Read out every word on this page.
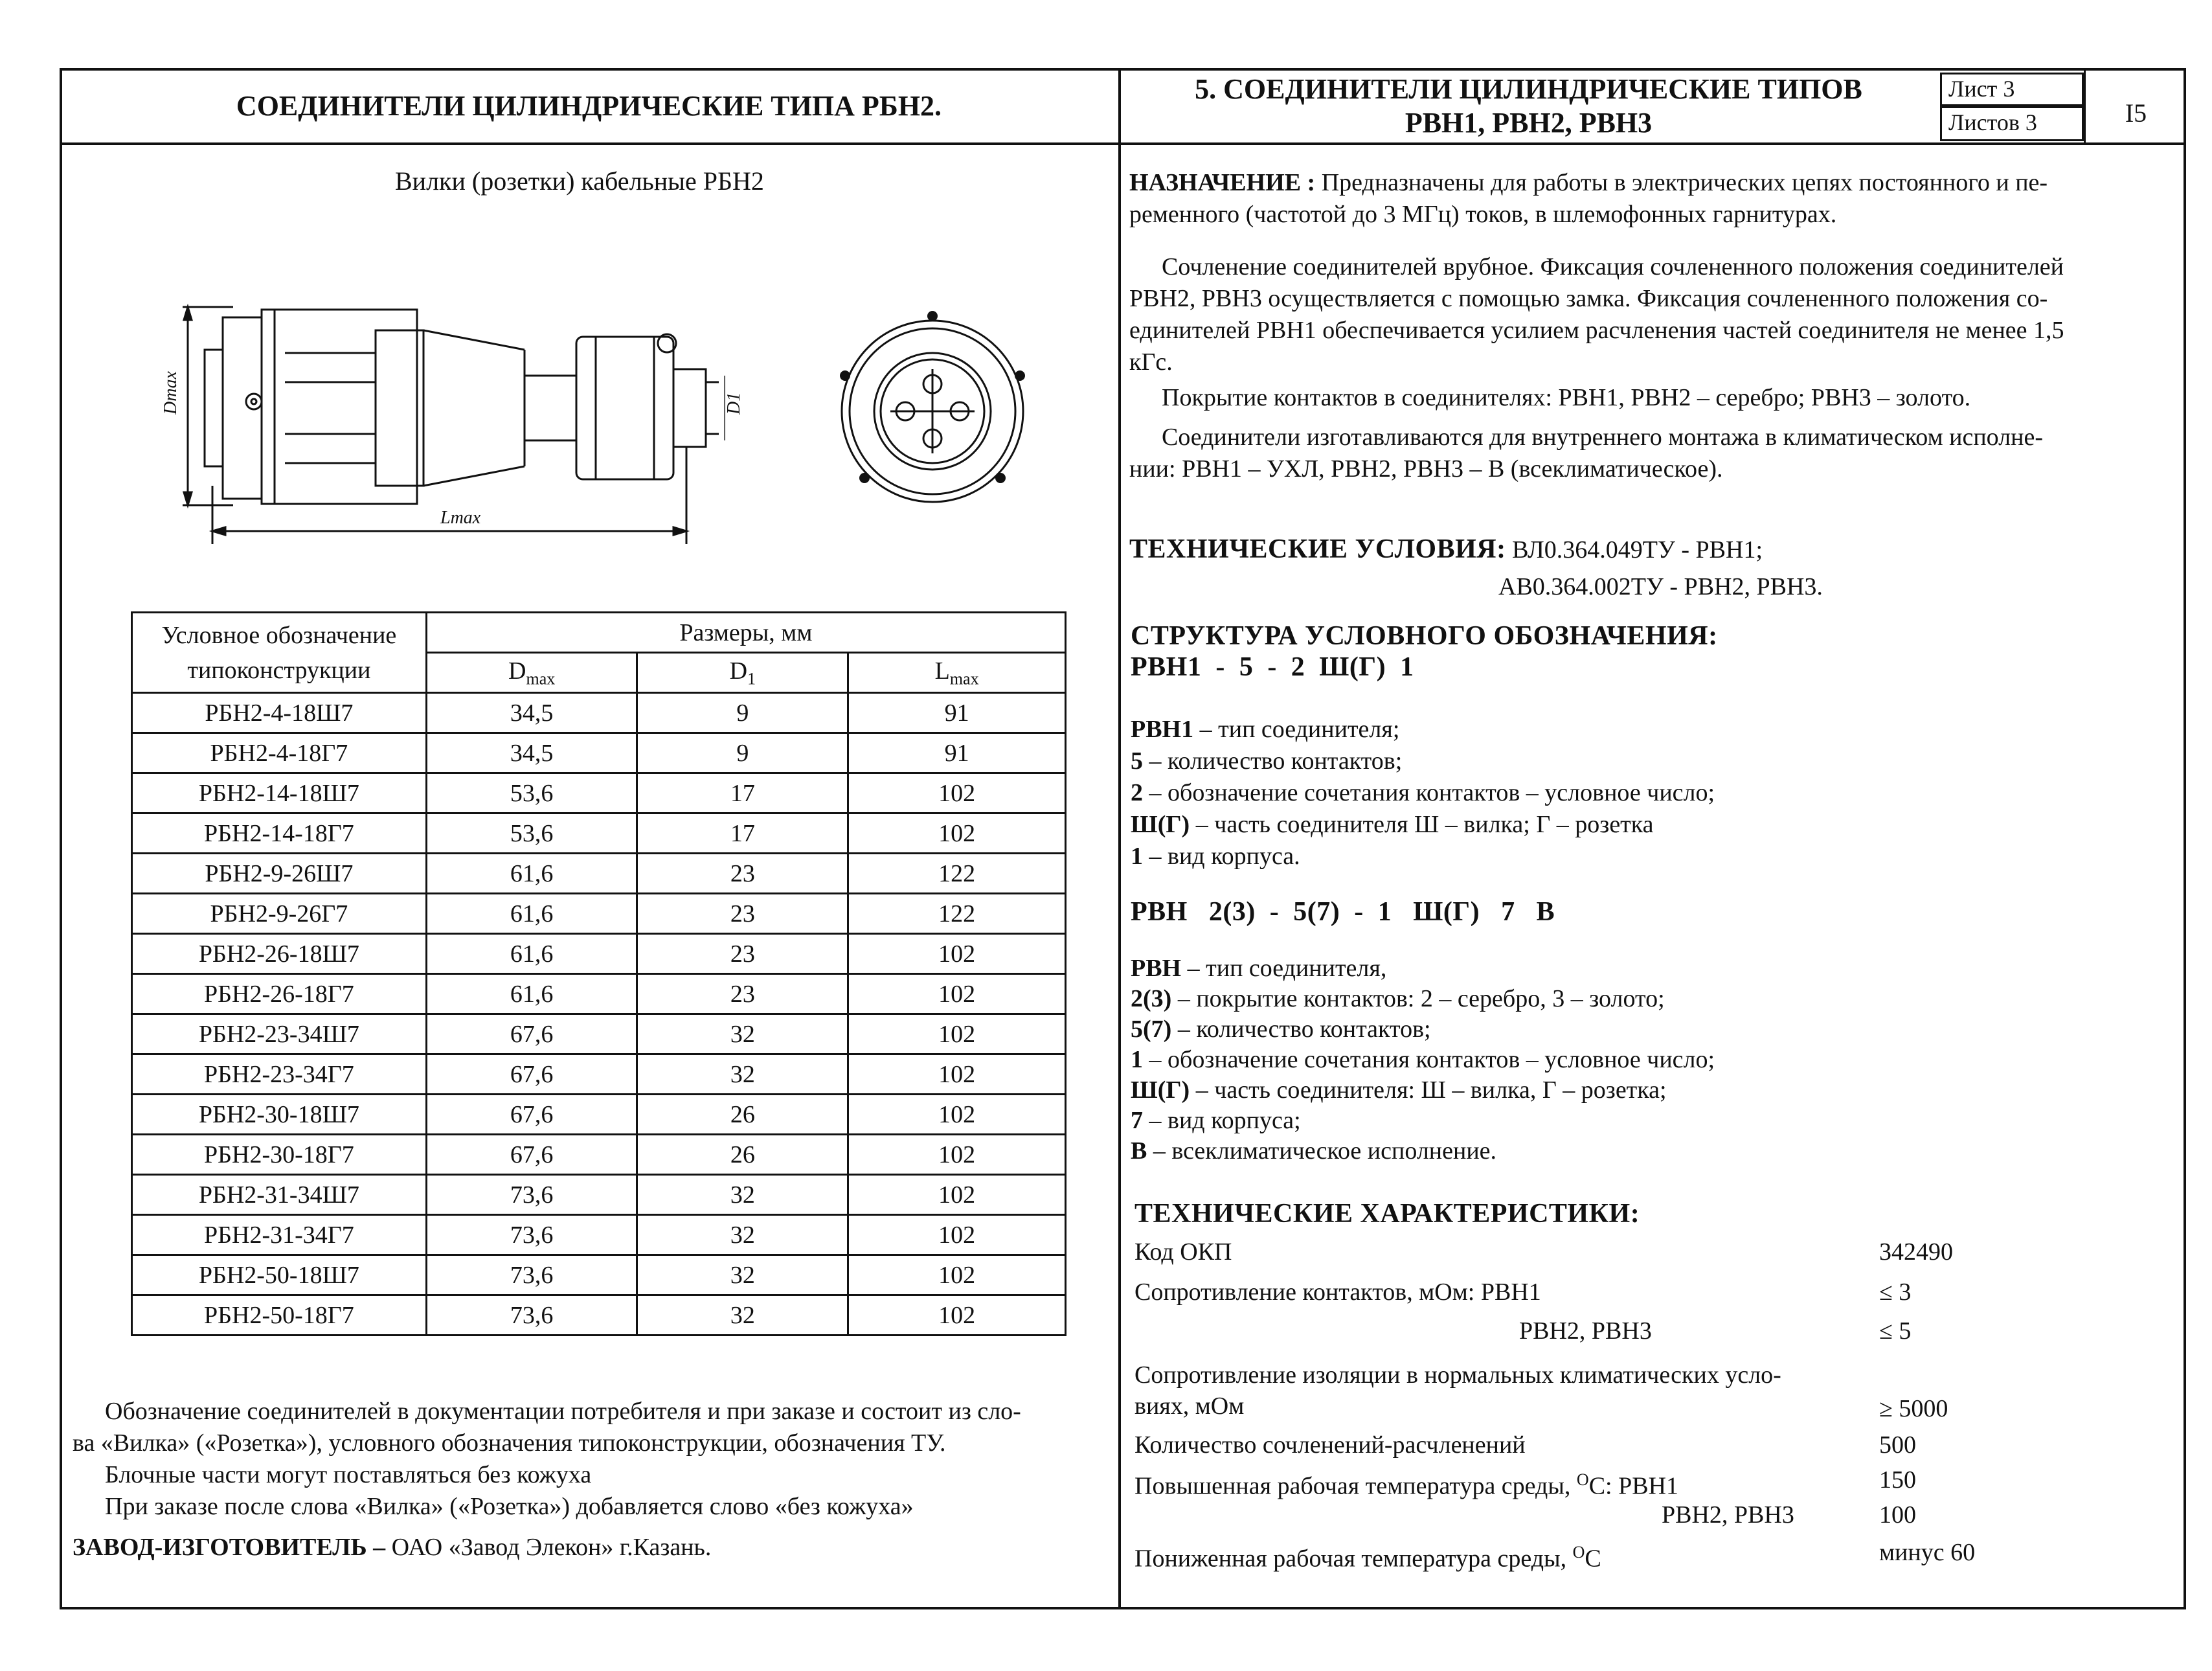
СОЕДИНИТЕЛИ ЦИЛИНДРИЧЕСКИЕ ТИПА РБН2.
5. СОЕДИНИТЕЛИ ЦИЛИНДРИЧЕСКИЕ ТИПОВ
РВН1, РВН2, РВН3
Лист 3
Листов 3	I5
Вилки (розетки) кабельные РБН2
Dmax	D1
Lmax
Условное обозначение
типоконструкции	Размеры, мм		
	$D_{max}$	$D_1$	$L_{max}$
РБН2-4-18Ш7	34,5	9	91
РБН2-4-18Г7	34,5	9	91
РБН2-14-18Ш7	53,6	17	102
РБН2-14-18Г7	53,6	17	102
РБН2-9-26Ш7	61,6	23	122
РБН2-9-26Г7	61,6	23	122
РБН2-26-18Ш7	61,6	23	102
РБН2-26-18Г7	61,6	23	102
РБН2-23-34Ш7	67,6	32	102
РБН2-23-34Г7	67,6	32	102
РБН2-30-18Ш7	67,6	26	102
РБН2-30-18Г7	67,6	26	102
РБН2-31-34Ш7	73,6	32	102
РБН2-31-34Г7	73,6	32	102
РБН2-50-18Ш7	73,6	32	102
РБН2-50-18Г7	73,6	32	102
Обозначение соединителей в документации потребителя и при заказе и состоит из сло-
ва «Вилка» («Розетка»), условного обозначения типоконструкции, обозначения ТУ.
Блочные части могут поставляться без кожуха
При заказе после слова «Вилка» («Розетка») добавляется слово «без кожуха»
ЗАВОД-ИЗГОТОВИТЕЛЬ – ОАО «Завод Элекон» г.Казань.
НАЗНАЧЕНИЕ : Предназначены для работы в электрических цепях постоянного и пе-
ременного (частотой до 3 МГц) токов, в шлемофонных гарнитурах.
Сочленение соединителей врубное. Фиксация сочлененного положения соединителей
РВН2, РВН3 осуществляется с помощью замка. Фиксация сочлененного положения со-
единителей РВН1 обеспечивается усилием расчленения частей соединителя не менее 1,5
кГс.
Покрытие контактов в соединителях: РВН1, РВН2 – серебро; РВН3 – золото.
Соединители изготавливаются для внутреннего монтажа в климатическом исполне-
нии: РВН1 – УХЛ, РВН2, РВН3 – В (всеклиматическое).
ТЕХНИЧЕСКИЕ УСЛОВИЯ: ВЛ0.364.049ТУ - РВН1;
АВ0.364.002ТУ - РВН2, РВН3.
СТРУКТУРА УСЛОВНОГО ОБОЗНАЧЕНИЯ:
РВН1  -  5  -  2  Ш(Г)  1
РВН1 – тип соединителя;
5 – количество контактов;
2 – обозначение сочетания контактов – условное число;
Ш(Г) – часть соединителя Ш – вилка; Г – розетка
1 – вид корпуса.
РВН   2(3)  -  5(7)  -  1   Ш(Г)   7   В
РВН – тип соединителя,
2(3) – покрытие контактов: 2 – серебро, 3 – золото;
5(7) – количество контактов;
1 – обозначение сочетания контактов – условное число;
Ш(Г) – часть соединителя: Ш – вилка, Г – розетка;
7 – вид корпуса;
В – всеклиматическое исполнение.
ТЕХНИЧЕСКИЕ ХАРАКТЕРИСТИКИ:
Код ОКП	342490
Сопротивление контактов, мОм: РВН1	≤ 3
РВН2, РВН3	≤ 5
Сопротивление изоляции в нормальных климатических усло-
виях, мОм	≥ 5000
Количество сочленений-расчленений	500
Повышенная рабочая температура среды, $^О$С: РВН1	150
РВН2, РВН3	100
Пониженная рабочая температура среды, $^О$С	минус 60
